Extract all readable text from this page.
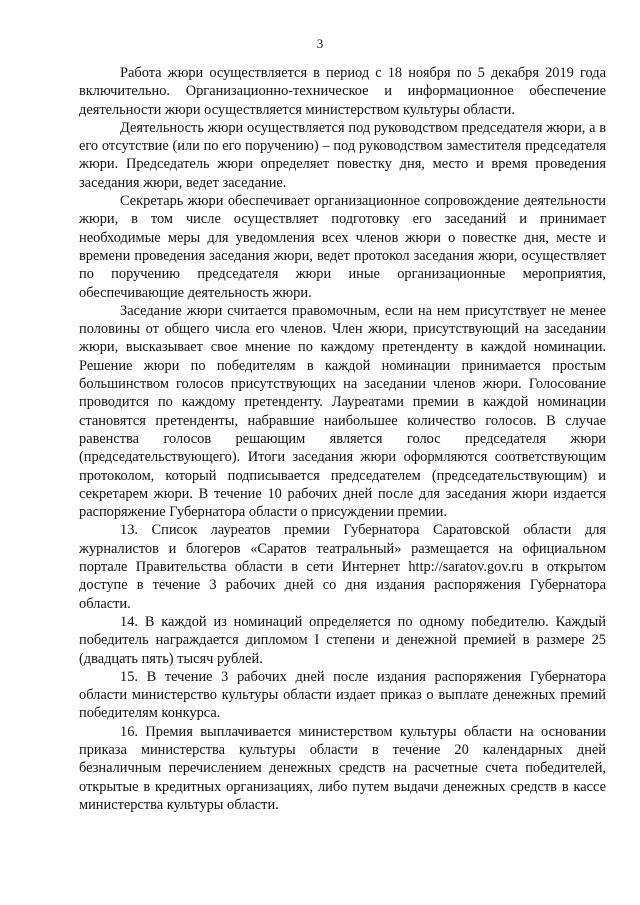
3

Работа жюри осуществляется в период с 18 ноября по 5 декабря 2019 года включительно. Организационно-техническое и информационное обеспечение деятельности жюри осуществляется министерством культуры области.

Деятельность жюри осуществляется под руководством председателя жюри, а в его отсутствие (или по его поручению) – под руководством заместителя председателя жюри. Председатель жюри определяет повестку дня, место и время проведения заседания жюри, ведет заседание.

Секретарь жюри обеспечивает организационное сопровождение деятельности жюри, в том числе осуществляет подготовку его заседаний и принимает необходимые меры для уведомления всех членов жюри о повестке дня, месте и времени проведения заседания жюри, ведет протокол заседания жюри, осуществляет по поручению председателя жюри иные организационные мероприятия, обеспечивающие деятельность жюри.

Заседание жюри считается правомочным, если на нем присутствует не менее половины от общего числа его членов. Член жюри, присутствующий на заседании жюри, высказывает свое мнение по каждому претенденту в каждой номинации. Решение жюри по победителям в каждой номинации принимается простым большинством голосов присутствующих на заседании членов жюри. Голосование проводится по каждому претенденту. Лауреатами премии в каждой номинации становятся претенденты, набравшие наибольшее количество голосов. В случае равенства голосов решающим является голос председателя жюри (председательствующего). Итоги заседания жюри оформляются соответствующим протоколом, который подписывается председателем (председательствующим) и секретарем жюри. В течение 10 рабочих дней после для заседания жюри издается распоряжение Губернатора области о присуждении премии.

13. Список лауреатов премии Губернатора Саратовской области для журналистов и блогеров «Саратов театральный» размещается на официальном портале Правительства области в сети Интернет http://saratov.gov.ru в открытом доступе в течение 3 рабочих дней со дня издания распоряжения Губернатора области.

14. В каждой из номинаций определяется по одному победителю. Каждый победитель награждается дипломом I степени и денежной премией в размере 25 (двадцать пять) тысяч рублей.

15. В течение 3 рабочих дней после издания распоряжения Губернатора области министерство культуры области издает приказ о выплате денежных премий победителям конкурса.

16. Премия выплачивается министерством культуры области на основании приказа министерства культуры области в течение 20 календарных дней безналичным перечислением денежных средств на расчетные счета победителей, открытые в кредитных организациях, либо путем выдачи денежных средств в кассе министерства культуры области.
